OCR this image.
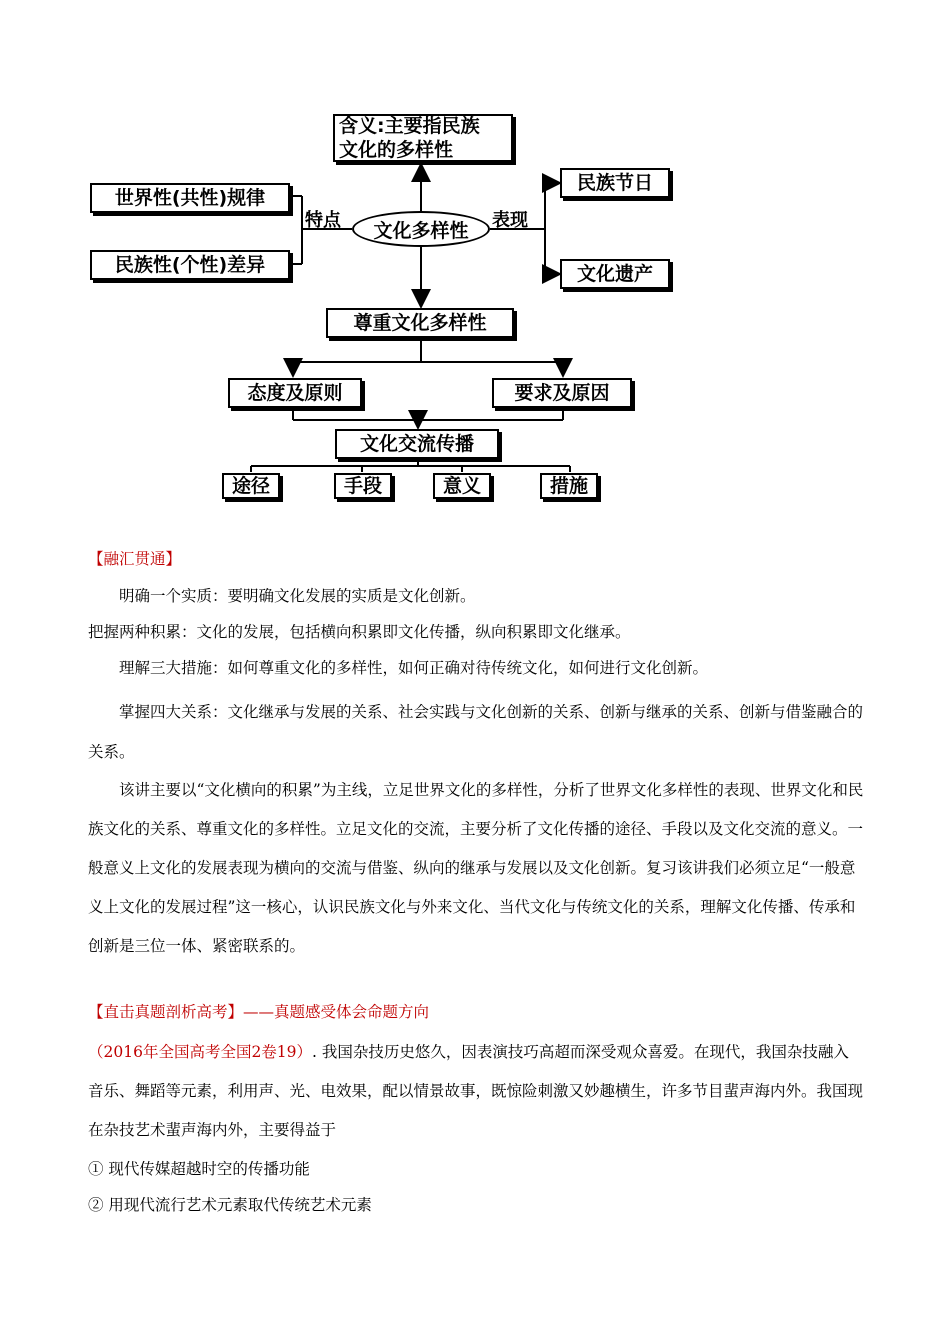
含义:主要指民族
文化的多样性
世界性(共性)规律
民族性(个性)差异
特点 文化多样性 表现
民族节日
文化遗产
尊重文化多样性
态度及原则	要求及原因
文化交流传播
途径	手段	意义	措施

【融汇贯通】

明确一个实质：要明确文化发展的实质是文化创新。

把握两种积累：文化的发展，包括横向积累即文化传播，纵向积累即文化继承。

理解三大措施：如何尊重文化的多样性，如何正确对待传统文化，如何进行文化创新。

掌握四大关系：文化继承与发展的关系、社会实践与文化创新的关系、创新与继承的关系、创新与借鉴融合的关系。

该讲主要以“文化横向的积累”为主线，立足世界文化的多样性，分析了世界文化多样性的表现、世界文化和民族文化的关系、尊重文化的多样性。立足文化的交流，主要分析了文化传播的途径、手段以及文化交流的意义。一般意义上文化的发展表现为横向的交流与借鉴、纵向的继承与发展以及文化创新。复习该讲我们必须立足“一般意义上文化的发展过程”这一核心，认识民族文化与外来文化、当代文化与传统文化的关系，理解文化传播、传承和创新是三位一体、紧密联系的。

【直击真题剖析高考】——真题感受体会命题方向

（2016年全国高考全国2卷19）. 我国杂技历史悠久，因表演技巧高超而深受观众喜爱。在现代，我国杂技融入音乐、舞蹈等元素，利用声、光、电效果，配以情景故事，既惊险刺激又妙趣横生，许多节目蜚声海内外。我国现在杂技艺术蜚声海内外，主要得益于

① 现代传媒超越时空的传播功能

② 用现代流行艺术元素取代传统艺术元素
